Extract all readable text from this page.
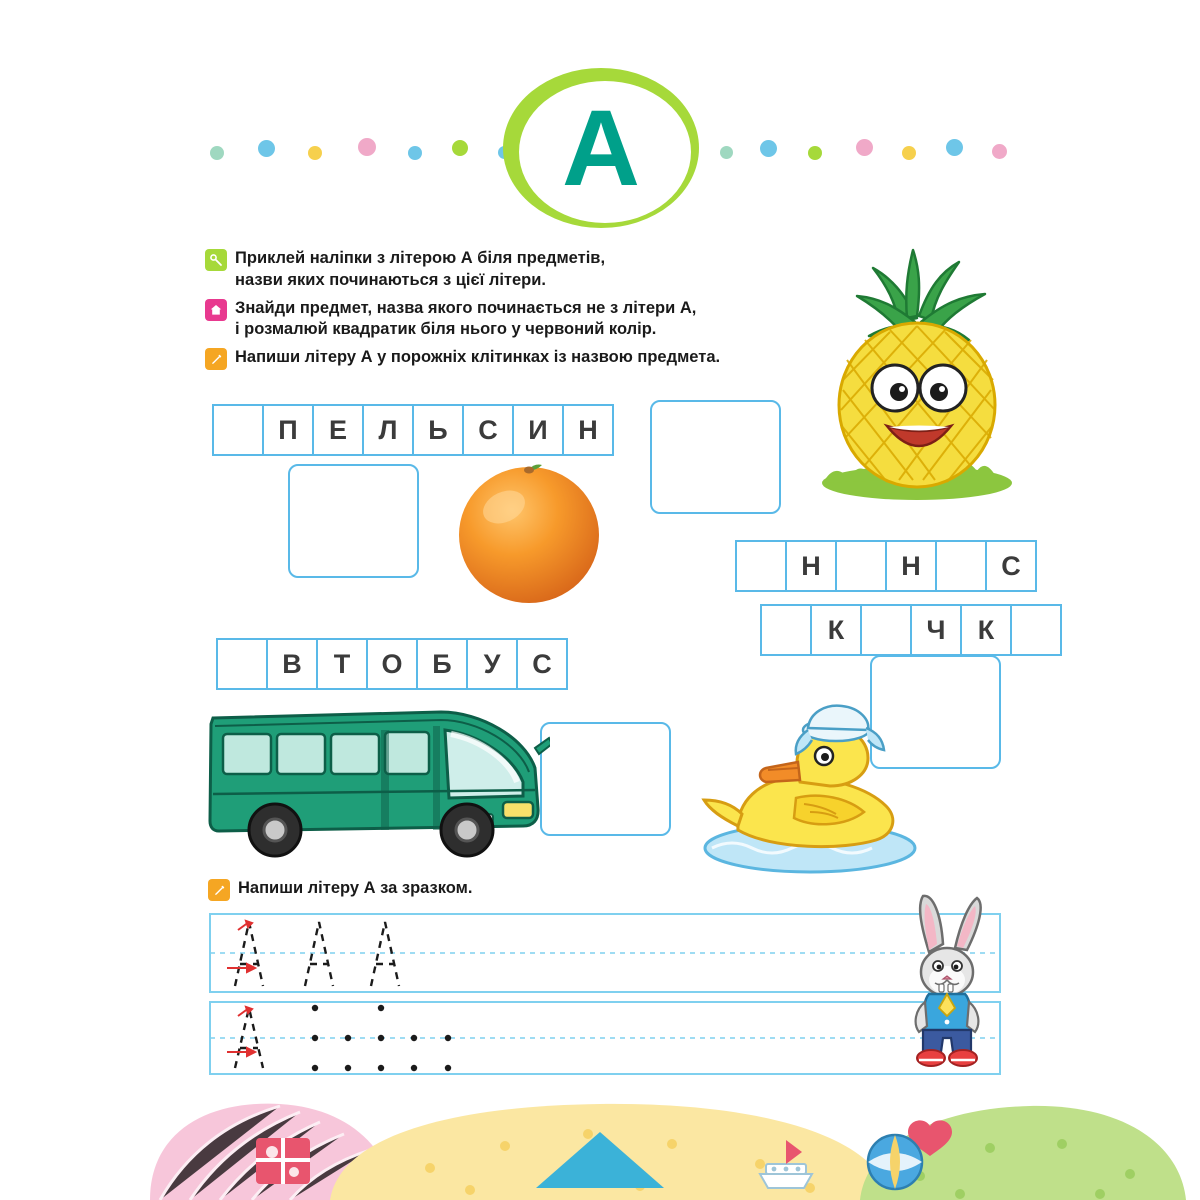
А
Приклей наліпки з літерою А біля предметів,
назви яких починаються з цієї літери.
Знайди предмет, назва якого починається не з літери А,
і розмалюй квадратик біля нього у червоний колір.
Напиши літеру А у порожніх клітинках із назвою предмета.
П	Е	Л	Ь	С	И	Н
Н	Н	С
К	Ч	К
В	Т	О	Б	У	С
Напиши літеру А за зразком.
